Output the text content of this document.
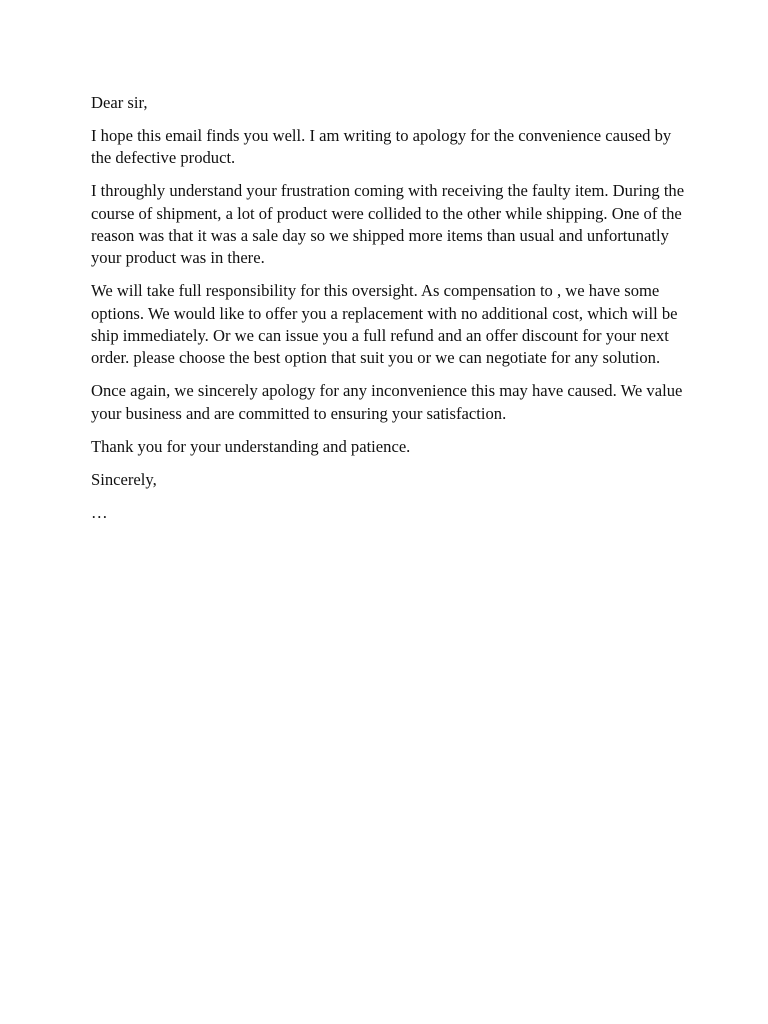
Dear sir,

I hope this email finds you well. I am writing to apology for the convenience caused by the defective product.

I throughly understand your frustration coming with receiving the faulty item. During the course of shipment, a lot of product were collided to the other while shipping. One of the reason was that it was a sale day so we shipped more items than usual and unfortunatly your product was in there.

We will take full responsibility for this oversight. As compensation to , we have some options. We would like to offer you a replacement with no additional cost, which will be ship immediately. Or we can issue you a full refund and an offer discount for your next order. please choose the best option that suit you or we can negotiate for any solution.

Once again, we sincerely apology for any inconvenience this may have caused. We value your business and are committed to ensuring your satisfaction.

Thank you for your understanding and patience.

Sincerely,

…
